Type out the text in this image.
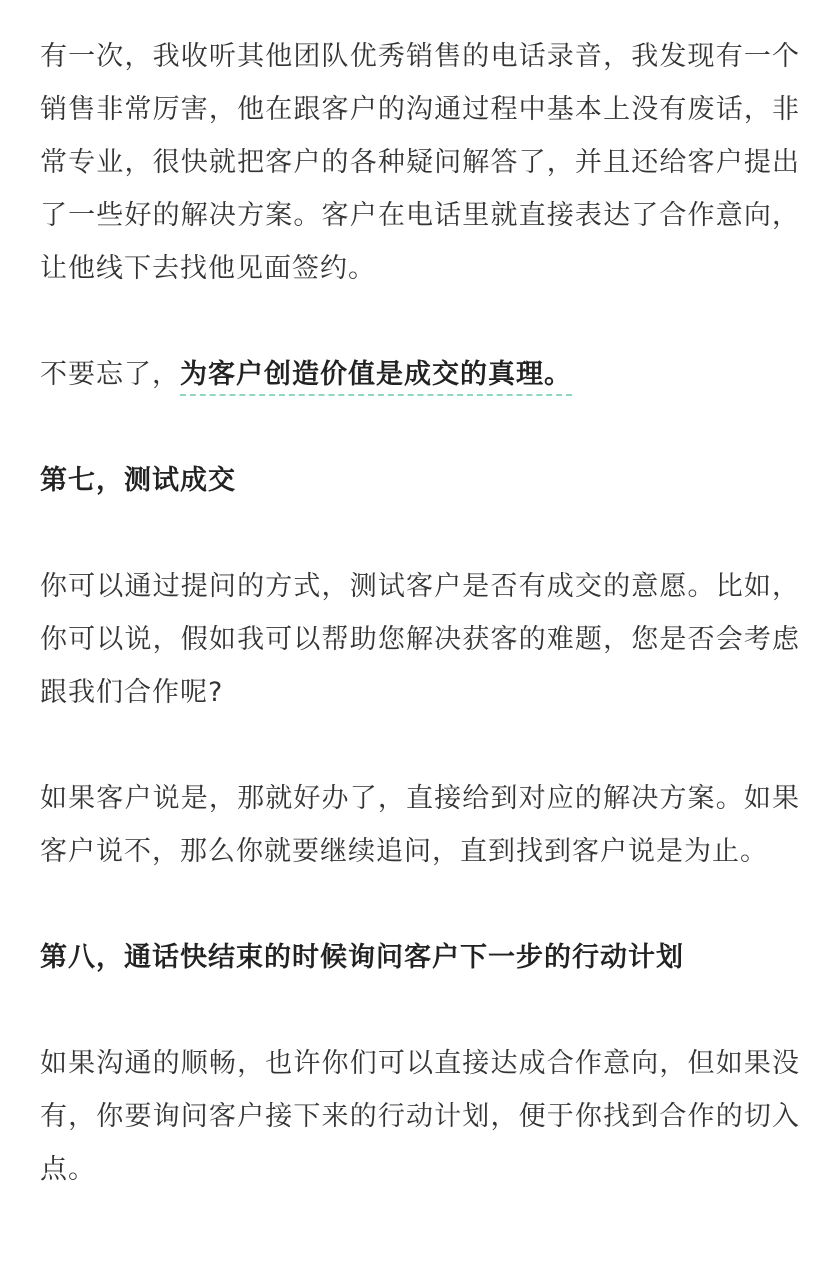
有一次，我收听其他团队优秀销售的电话录音，我发现有一个销售非常厉害，他在跟客户的沟通过程中基本上没有废话，非常专业，很快就把客户的各种疑问解答了，并且还给客户提出了一些好的解决方案。客户在电话里就直接表达了合作意向，让他线下去找他见面签约。

不要忘了，为客户创造价值是成交的真理。

第七，测试成交

你可以通过提问的方式，测试客户是否有成交的意愿。比如，你可以说，假如我可以帮助您解决获客的难题，您是否会考虑跟我们合作呢?

如果客户说是，那就好办了，直接给到对应的解决方案。如果客户说不，那么你就要继续追问，直到找到客户说是为止。

第八，通话快结束的时候询问客户下一步的行动计划

如果沟通的顺畅，也许你们可以直接达成合作意向，但如果没有，你要询问客户接下来的行动计划，便于你找到合作的切入点。
